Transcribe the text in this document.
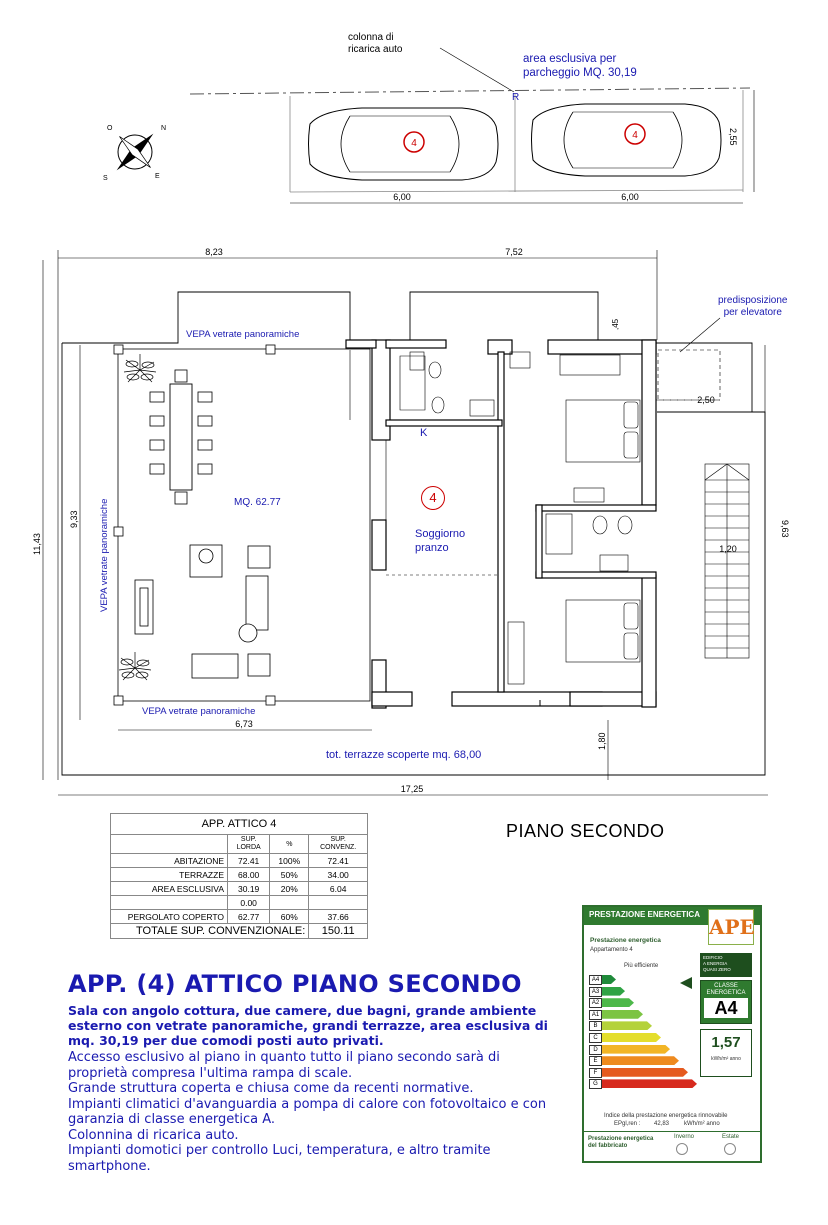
4
4
6,00	6,00
2,55
R
N
O
S	E
8,23	7,52
17,25
11,43
9,33
9,63
6,73
1,80
2,50
1,20
,45
colonna di
ricarica auto
area esclusiva per
parcheggio MQ. 30,19
predisposizione
per elevatore
VEPA vetrate panoramiche
VEPA vetrate panoramiche
VEPA vetrate panoramiche
MQ. 62.77	4
Soggiorno
pranzo
K
tot. terrazze scoperte mq. 68,00
PIANO SECONDO
APP. ATTICO 4			
	SUP.
LORDA	%	SUP.
CONVENZ.
ABITAZIONE	72.41	100%	72.41
TERRAZZE	68.00	50%	34.00
AREA ESCLUSIVA	30.19	20%	6.04
	0.00		
PERGOLATO COPERTO	62.77	60%	37.66
TOTALE SUP. CONVENZIONALE:			150.11
APP. (4) ATTICO PIANO SECONDO
Sala con angolo cottura, due camere, due bagni, grande ambiente esterno con vetrate panoramiche, grandi terrazze, area esclusiva di mq. 30,19 per due comodi posti auto privati.
Accesso esclusivo al piano in quanto tutto il piano secondo sarà di proprietà compresa l'ultima rampa di scale.
Grande struttura coperta e chiusa come da recenti normative.
Impianti climatici d'avanguardia a pompa di calore con fotovoltaico e con garanzia di classe energetica A.
Colonnina di ricarica auto.
Impianti domotici per controllo Luci, temperatura, e altro tramite smartphone.
PRESTAZIONE ENERGETICA
APE
Prestazione energetica
Appartamento 4
Più efficiente
A4
A3
A2
A1
B
C
D
E
F
G
EDIFICIO
A ENERGIA
QUASI ZERO
CLASSE
ENERGETICA
A4
1,57
kWh/m² anno
Indice della prestazione energetica rinnovabile
EPgl,ren : 42,83 kWh/m² anno
Prestazione energetica
del fabbricato
Inverno	Estate
